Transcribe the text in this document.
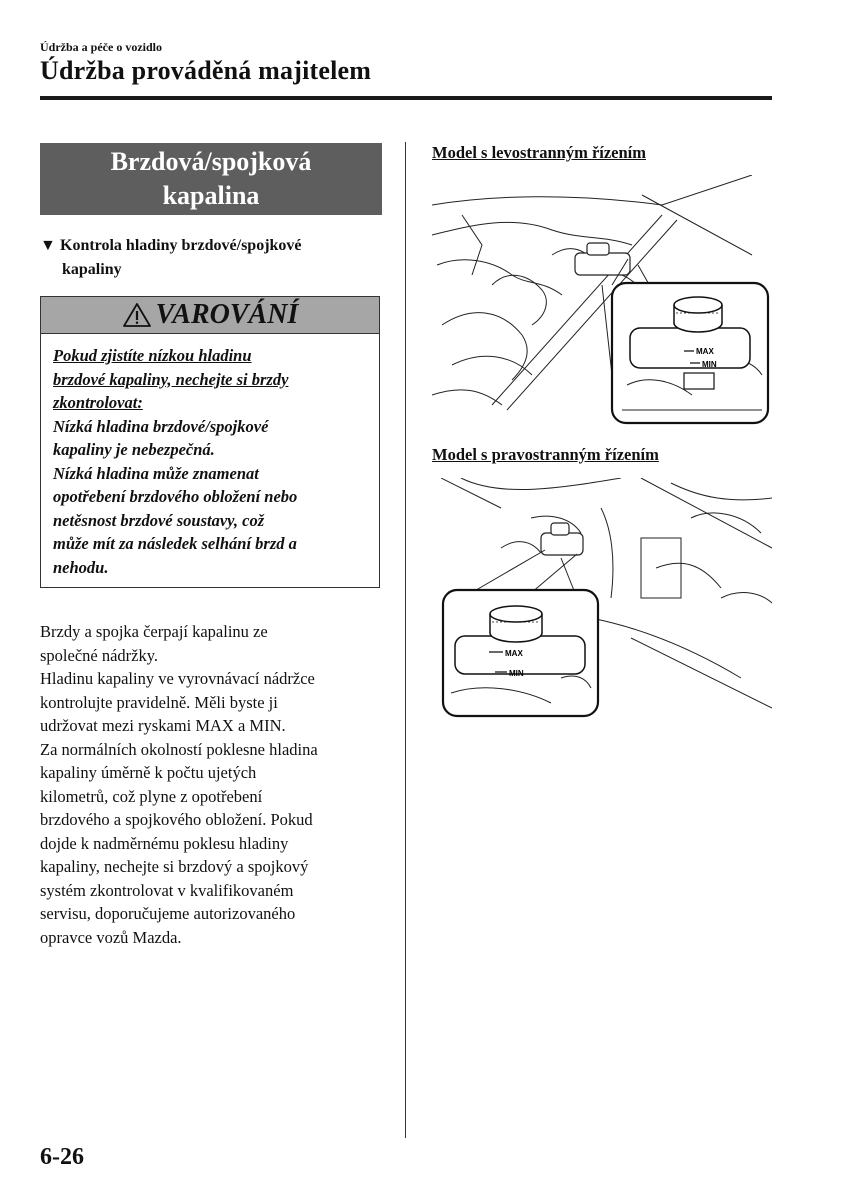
Údržba a péče o vozidlo
Údržba prováděná majitelem
Brzdová/spojková
kapalina
▼ Kontrola hladiny brzdové/spojkové
kapaliny
VAROVÁNÍ
Pokud zjistíte nízkou hladinu
brzdové kapaliny, nechejte si brzdy
zkontrolovat:
Nízká hladina brzdové/spojkové
kapaliny je nebezpečná.
Nízká hladina může znamenat
opotřebení brzdového obložení nebo
netěsnost brzdové soustavy, což
může mít za následek selhání brzd a
nehodu.

Brzdy a spojka čerpají kapalinu ze

společné nádržky.

Hladinu kapaliny ve vyrovnávací nádržce

kontrolujte pravidelně. Měli byste ji

udržovat mezi ryskami MAX a MIN.

Za normálních okolností poklesne hladina

kapaliny úměrně k počtu ujetých

kilometrů, což plyne z opotřebení

brzdového a spojkového obložení. Pokud

dojde k nadměrnému poklesu hladiny

kapaliny, nechejte si brzdový a spojkový

systém zkontrolovat v kvalifikovaném

servisu, doporučujeme autorizovaného

opravce vozů Mazda.

Model s levostranným řízením
MAX
MIN
Model s pravostranným řízením
MAX
MIN
6-26
